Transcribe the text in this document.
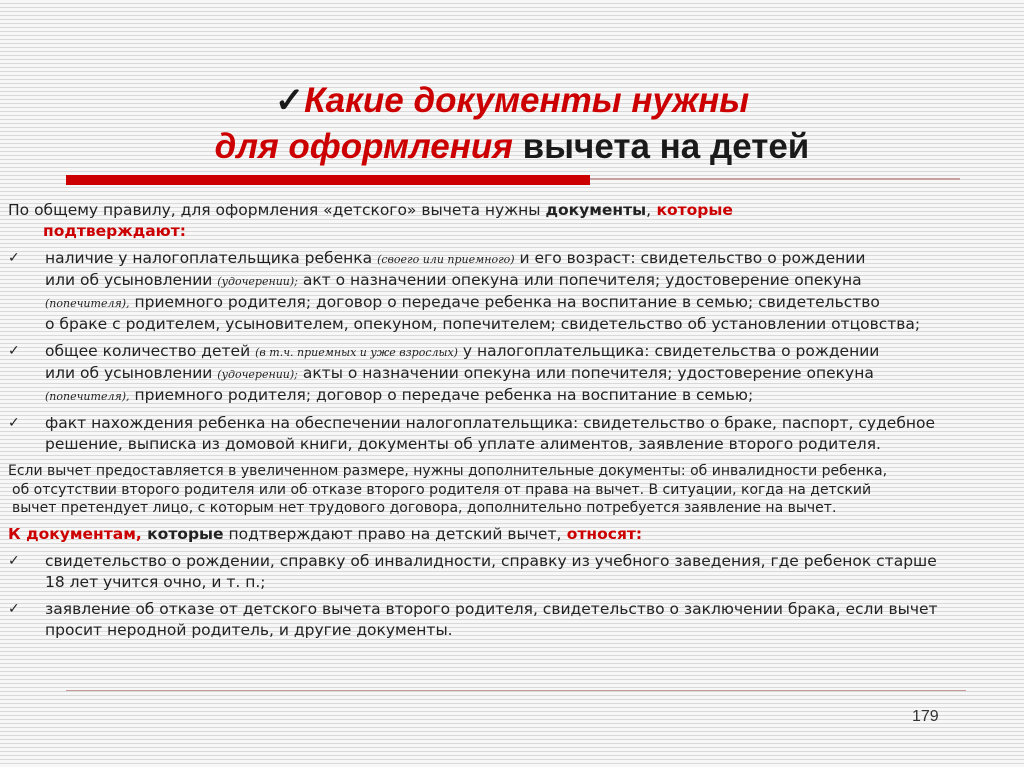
✓Какие документы нужны
для оформления вычета на детей

По общему правилу, для оформления «детского» вычета нужны документы, которые
подтверждают:

✓ наличие у налогоплательщика ребенка (своего или приемного) и его возраст: свидетельство о рождении
или об усыновлении (удочерении); акт о назначении опекуна или попечителя; удостоверение опекуна
(попечителя), приемного родителя; договор о передаче ребенка на воспитание в семью; свидетельство
о браке с родителем, усыновителем, опекуном, попечителем; свидетельство об установлении отцовства;
✓ общее количество детей (в т.ч. приемных и уже взрослых) у налогоплательщика: свидетельства о рождении
или об усыновлении (удочерении); акты о назначении опекуна или попечителя; удостоверение опекуна
(попечителя), приемного родителя; договор о передаче ребенка на воспитание в семью;
✓ факт нахождения ребенка на обеспечении налогоплательщика: свидетельство о браке, паспорт, судебное
решение, выписка из домовой книги, документы об уплате алиментов, заявление второго родителя.
Если вычет предоставляется в увеличенном размере, нужны дополнительные документы: об инвалидности ребенка,
об отсутствии второго родителя или об отказе второго родителя от права на вычет. В ситуации, когда на детский
вычет претендует лицо, с которым нет трудового договора, дополнительно потребуется заявление на вычет.

К документам, которые подтверждают право на детский вычет, относят:

✓ свидетельство о рождении, справку об инвалидности, справку из учебного заведения, где ребенок старше
18 лет учится очно, и т. п.;
✓ заявление об отказе от детского вычета второго родителя, свидетельство о заключении брака, если вычет
просит неродной родитель, и другие документы.
179
